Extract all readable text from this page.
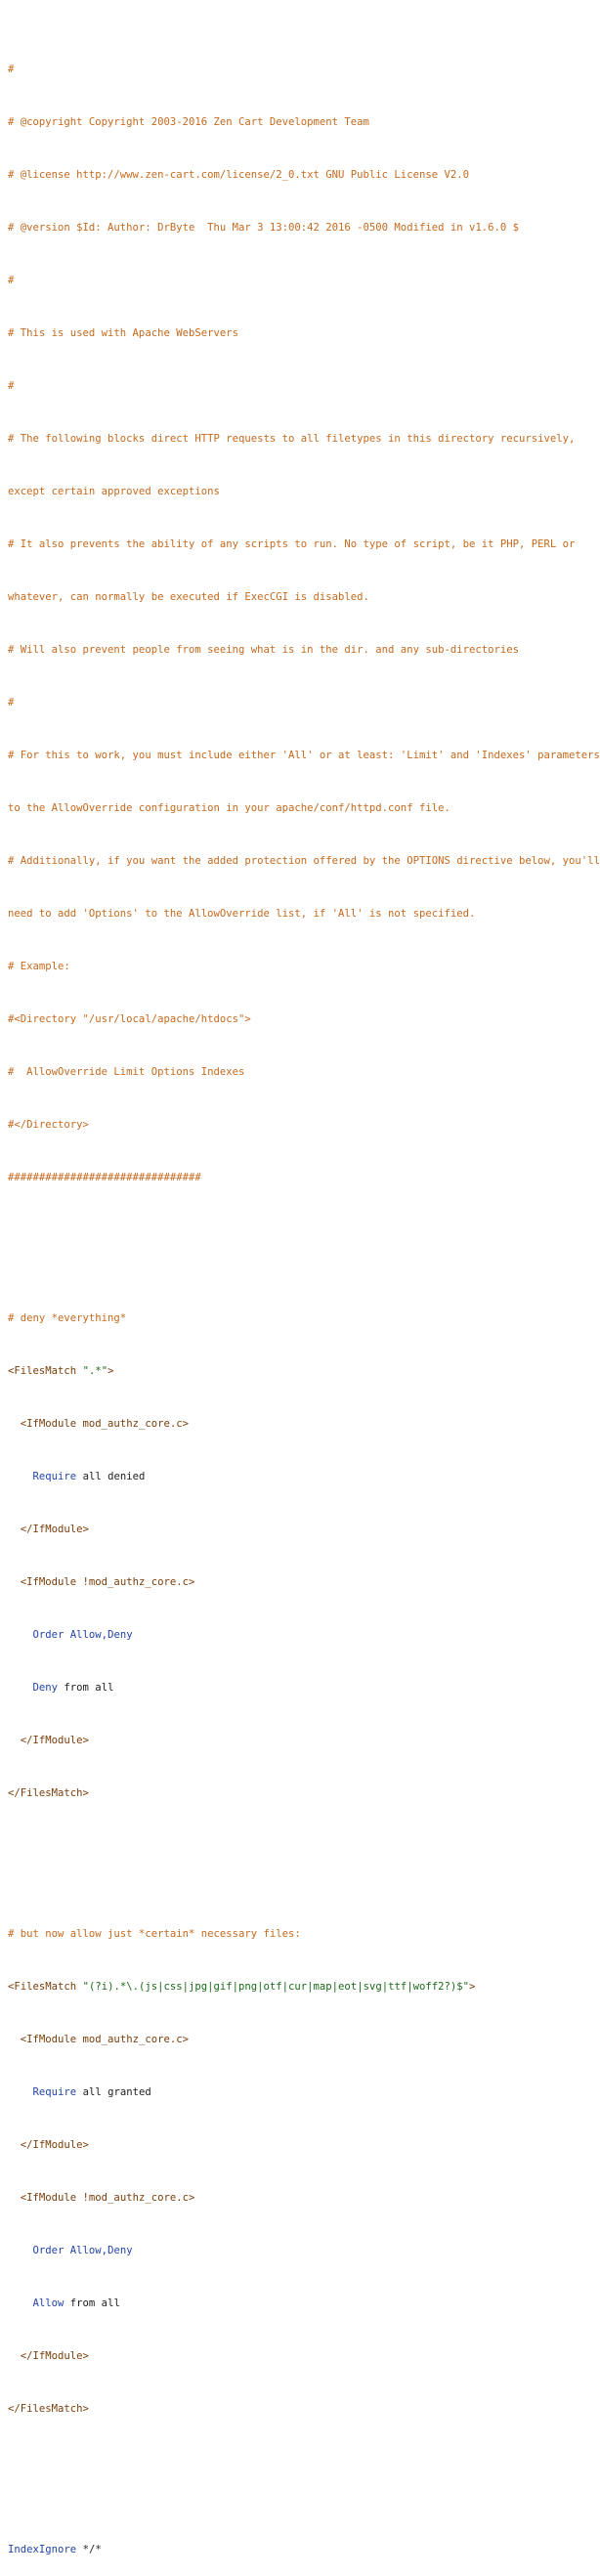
#

# @copyright Copyright 2003-2016 Zen Cart Development Team

# @license http://www.zen-cart.com/license/2_0.txt GNU Public License V2.0

# @version $Id: Author: DrByte  Thu Mar 3 13:00:42 2016 -0500 Modified in v1.6.0 $

#

# This is used with Apache WebServers

#

# The following blocks direct HTTP requests to all filetypes in this directory recursively,

except certain approved exceptions

# It also prevents the ability of any scripts to run. No type of script, be it PHP, PERL or

whatever, can normally be executed if ExecCGI is disabled.

# Will also prevent people from seeing what is in the dir. and any sub-directories

#

# For this to work, you must include either 'All' or at least: 'Limit' and 'Indexes' parameters

to the AllowOverride configuration in your apache/conf/httpd.conf file.

# Additionally, if you want the added protection offered by the OPTIONS directive below, you'll

need to add 'Options' to the AllowOverride list, if 'All' is not specified.

# Example:

#<Directory "/usr/local/apache/htdocs">

#  AllowOverride Limit Options Indexes

#</Directory>

###############################

# deny *everything*

<FilesMatch ".*">

<IfModule mod_authz_core.c>

Require all denied

</IfModule>

<IfModule !mod_authz_core.c>

Order Allow,Deny

Deny from all

</IfModule>

</FilesMatch>

# but now allow just *certain* necessary files:

<FilesMatch "(?i).*\.(js|css|jpg|gif|png|otf|cur|map|eot|svg|ttf|woff2?)$">

<IfModule mod_authz_core.c>

Require all granted

</IfModule>

<IfModule !mod_authz_core.c>

Order Allow,Deny

Allow from all

</IfModule>

</FilesMatch>

IndexIgnore */*
